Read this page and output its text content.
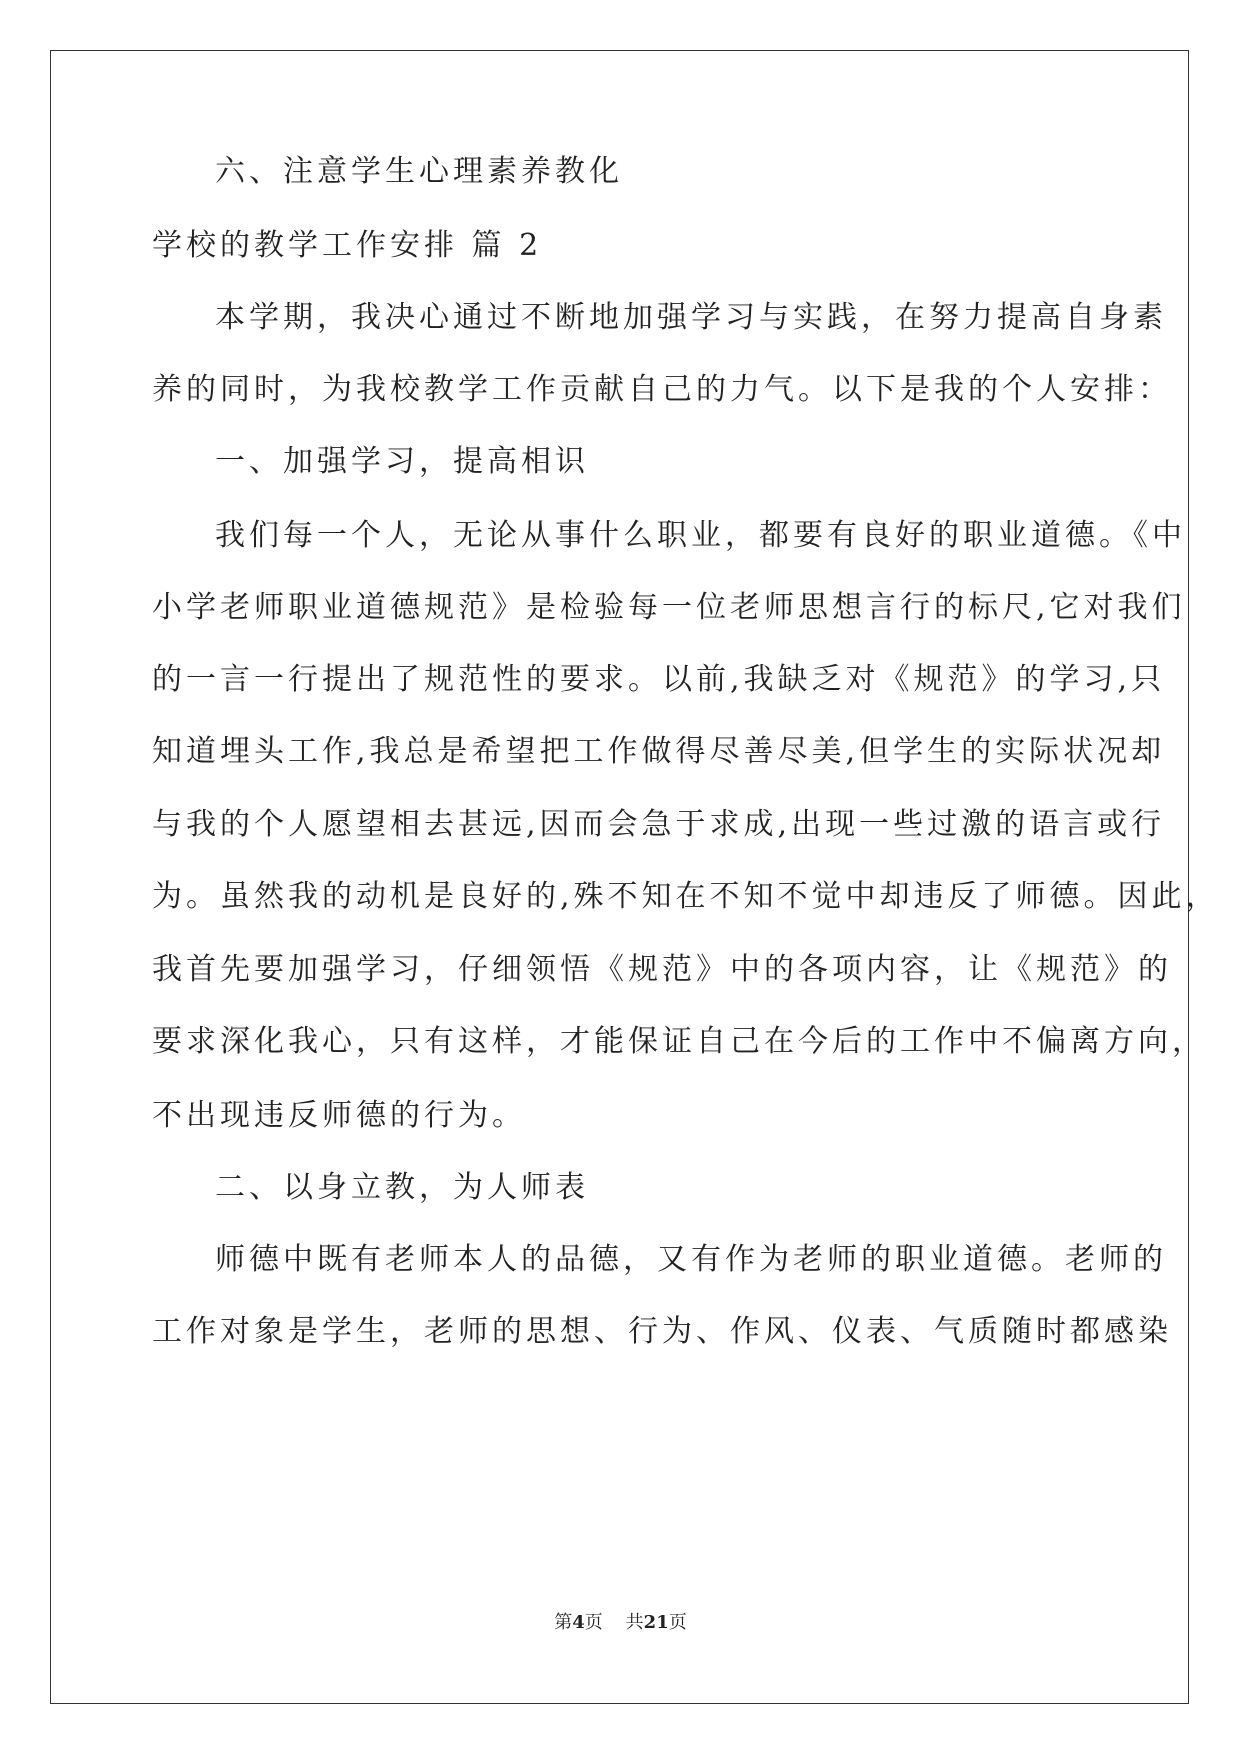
六、注意学生心理素养教化
学校的教学工作安排 篇 2
本学期，我决心通过不断地加强学习与实践，在努力提高自身素
养的同时，为我校教学工作贡献自己的力气。以下是我的个人安排：
一、加强学习，提高相识
我们每一个人，无论从事什么职业，都要有良好的职业道德。《中
小学老师职业道德规范》是检验每一位老师思想言行的标尺,它对我们
的一言一行提出了规范性的要求。以前,我缺乏对《规范》的学习,只
知道埋头工作,我总是希望把工作做得尽善尽美,但学生的实际状况却
与我的个人愿望相去甚远,因而会急于求成,出现一些过激的语言或行
为。虽然我的动机是良好的,殊不知在不知不觉中却违反了师德。因此，
我首先要加强学习，仔细领悟《规范》中的各项内容，让《规范》的
要求深化我心，只有这样，才能保证自己在今后的工作中不偏离方向，
不出现违反师德的行为。
二、以身立教，为人师表
师德中既有老师本人的品德，又有作为老师的职业道德。老师的
工作对象是学生，老师的思想、行为、作风、仪表、气质随时都感染
第4页    共21页
